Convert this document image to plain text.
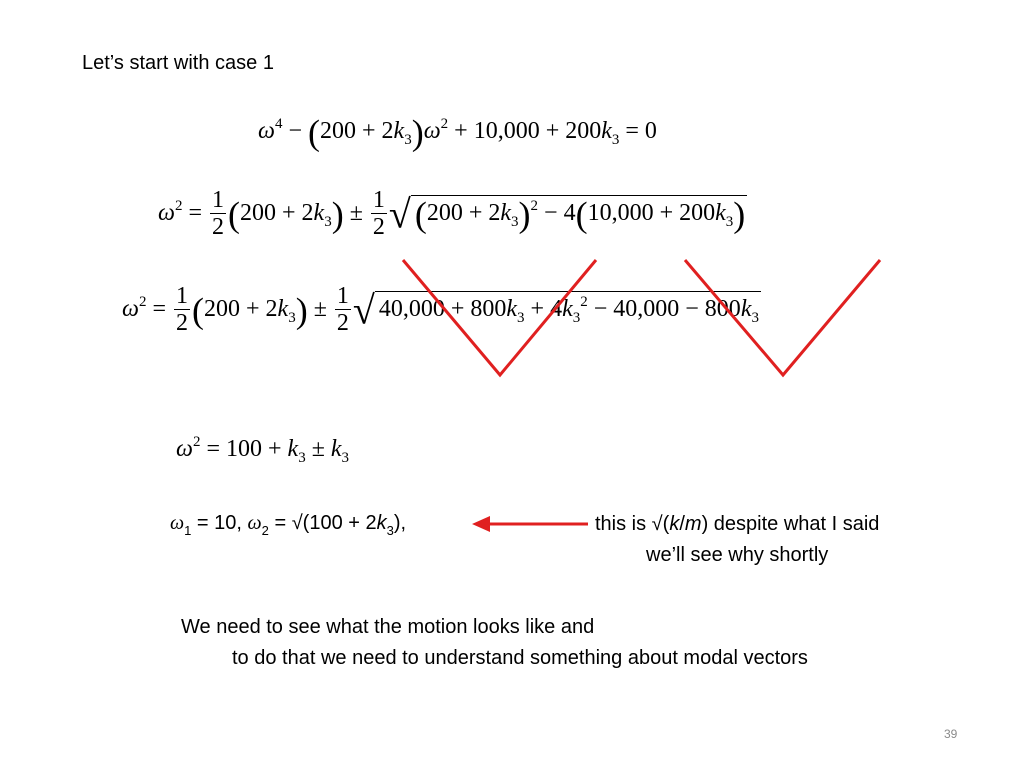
Let’s start with case 1
$\omega^4 - (200 + 2k_3)\omega^2 + 10,000 + 200k_3 = 0$
$\omega^2 = \frac{1}{2} (200 + 2k_3) \pm \frac{1}{2}$ √ $(200 + 2k_3)^2 - 4(10,000 + 200k_3)$
$\omega^2 = \frac{1}{2} (200 + 2k_3) \pm \frac{1}{2}$ √ $40,000 + 800k_3 + 4k_3^2 - 40,000 - 800k_3$
$\omega^2 = 100 + k_3 \pm k_3$
$\omega_1 = 10$, $\omega_2 = √(100 + 2k_3)$,	this is √(k/m) despite what I said
we’ll see why shortly
We need to see what the motion looks like and
to do that we need to understand something about modal vectors
39
